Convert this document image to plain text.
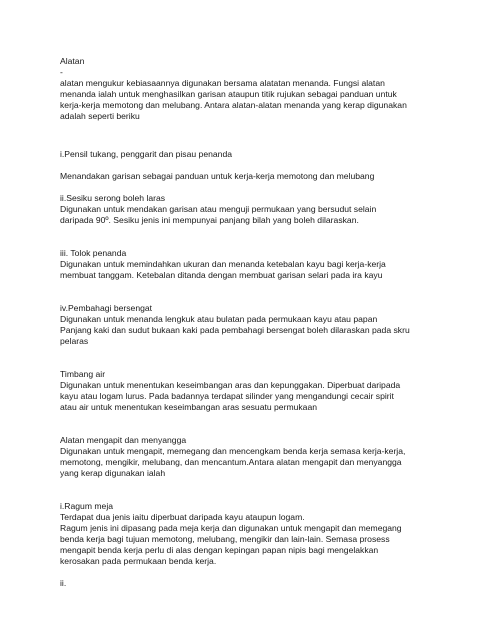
Alatan
-
alatan mengukur kebiasaannya digunakan bersama alatatan menanda. Fungsi alatan
menanda ialah untuk menghasilkan garisan ataupun titik rujukan sebagai panduan untuk
kerja-kerja memotong dan melubang. Antara alatan-alatan menanda yang kerap digunakan
adalah seperti beriku
i.Pensil tukang, penggarit dan pisau penanda
Menandakan garisan sebagai panduan untuk kerja-kerja memotong dan melubang
ii.Sesiku serong boleh laras
Digunakan untuk mendakan garisan atau menguji permukaan yang bersudut selain
daripada 90º. Sesiku jenis ini mempunyai panjang bilah yang boleh dilaraskan.
iii. Tolok penanda
Digunakan untuk memindahkan ukuran dan menanda ketebalan kayu bagi kerja-kerja
membuat tanggam. Ketebalan ditanda dengan membuat garisan selari pada ira kayu
iv.Pembahagi bersengat
Digunakan untuk menanda lengkuk atau bulatan pada permukaan kayu atau papan
Panjang kaki dan sudut bukaan kaki pada pembahagi bersengat boleh dilaraskan pada skru
pelaras
Timbang air
Digunakan untuk menentukan keseimbangan aras dan kepunggakan. Diperbuat daripada
kayu atau logam lurus. Pada badannya terdapat silinder yang mengandungi cecair spirit
atau air untuk menentukan keseimbangan aras sesuatu permukaan
Alatan mengapit dan menyangga
Digunakan untuk mengapit, memegang dan mencengkam benda kerja semasa kerja-kerja,
memotong, mengikir, melubang, dan mencantum.Antara alatan mengapit dan menyangga
yang kerap digunakan ialah
i.Ragum meja
Terdapat dua jenis iaitu diperbuat daripada kayu ataupun logam.
Ragum jenis ini dipasang pada meja kerja dan digunakan untuk mengapit dan memegang
benda kerja bagi tujuan memotong, melubang, mengikir dan lain-lain. Semasa prosess
mengapit benda kerja perlu di alas dengan kepingan papan nipis bagi mengelakkan
kerosakan pada permukaan benda kerja.
ii.
